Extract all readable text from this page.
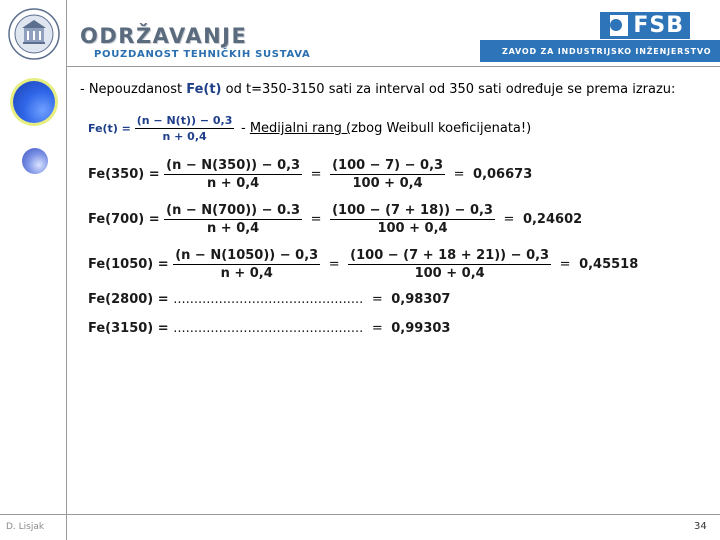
ODRŽAVANJE
POUZDANOST TEHNIČKIH SUSTAVA	ZAVOD ZA INDUSTRIJSKO INŽENJERSTVO
FSB
- Nepouzdanost Fe(t) od t=350-3150 sati za interval od 350 sati određuje se prema izrazu:
$Fe(t) = \frac{(n - N(t)) - 0,3}{n + 0,4}$ - Medijalni rang (zbog Weibull koeficijenata!)
$Fe(350) = \frac{(n - N(350)) - 0,3}{n + 0,4} = \frac{(100 - 7) - 0,3}{100 + 0,4} = 0,06673$
$Fe(700) = \frac{(n - N(700)) - 0.3}{n + 0,4} = \frac{(100 - (7 + 18)) - 0,3}{100 + 0,4} = 0,24602$
$Fe(1050) = \frac{(n - N(1050)) - 0,3}{n + 0,4} = \frac{(100 - (7 + 18 + 21)) - 0,3}{100 + 0,4} = 0,45518$
Fe(2800) = .............................................. = 0,98307
Fe(3150) = .............................................. = 0,99303
D. Lisjak	34
